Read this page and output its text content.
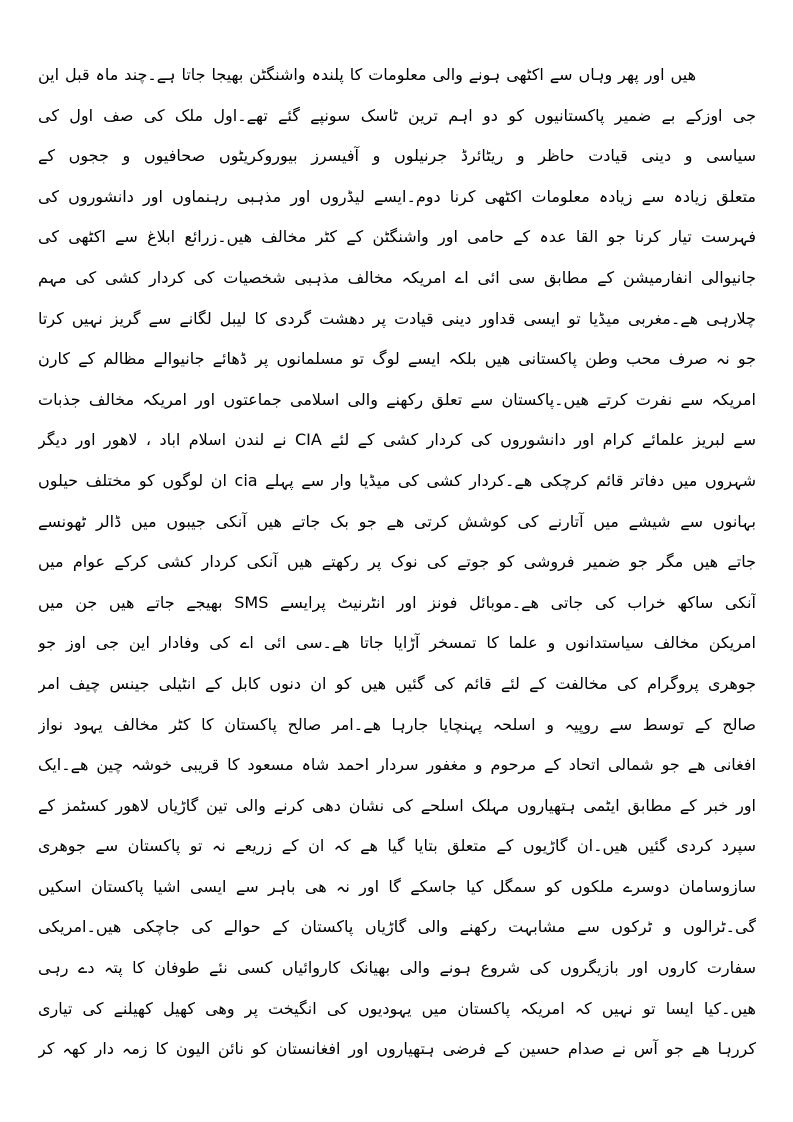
هیں اور پھر وہاں سے اکٹھی ہونے والی معلومات کا پلندہ واشنگٹن بھیجا جاتا ہے۔چند ماہ قبل این
جی اوزکے بے ضمیر پاکستانیوں کو دو اہم ترین ٹاسک سونپے گئے تھے۔اول ملک کی صف اول کی
سیاسی و دینی قیادت حاظر و ریٹائرڈ جرنیلوں و آفیسرز بیوروکریٹوں صحافیوں و ججوں کے
متعلق زیادہ سے زیادہ معلومات اکٹھی کرنا دوم۔ایسے لیڈروں اور مذہبی رہنماوں اور دانشوروں کی
فہرست تیار کرنا جو القا عدہ کے حامی اور واشنگٹن کے کٹر مخالف ھیں۔زرائع ابلاغ سے اکٹھی کی
جانیوالی انفارمیشن کے مطابق سی ائی اے امریکہ مخالف مذہبی شخصیات کی کردار کشی کی مہم
چلارہی ھے۔مغربی میڈیا تو ایسی قداور دینی قیادت پر دھشت گردی کا لیبل لگانے سے گریز نہیں کرتا
جو نہ صرف محب وطن پاکستانی ھیں بلکہ ایسے لوگ تو مسلمانوں پر ڈھائے جانیوالے مظالم کے کارن
امریکہ سے نفرت کرتے ھیں۔پاکستان سے تعلق رکھنے والی اسلامی جماعتوں اور امریکہ مخالف جذبات
سے لبریز علمائے کرام اور دانشوروں کی کردار کشی کے لئے CIA نے لندن اسلام اباد ، لاھور اور دیگر
شہروں میں دفاتر قائم کرچکی ھے۔کردار کشی کی میڈیا وار سے پہلے cia ان لوگوں کو مختلف حیلوں
بہانوں سے شیشے میں آتارنے کی کوشش کرتی ھے جو بک جاتے ھیں آنکی جیبوں میں ڈالر ٹھونسے
جاتے ھیں مگر جو ضمیر فروشی کو جوتے کی نوک پر رکھتے ھیں آنکی کردار کشی کرکے عوام میں
آنکی ساکھ خراب کی جاتی ھے۔موبائل فونز اور انٹرنیٹ پرایسے SMS بھیجے جاتے ھیں جن میں
امریکن مخالف سیاستدانوں و علما کا تمسخر آڑایا جاتا ھے۔سی ائی اے کی وفادار این جی اوز جو
جوھری پروگرام کی مخالفت کے لئے قائم کی گئیں ھیں کو ان دنوں کابل کے انٹیلی جینس چیف امر
صالح کے توسط سے روپیہ و اسلحہ پہنچایا جارہا ھے۔امر صالح پاکستان کا کٹر مخالف یہود نواز
افغانی ھے جو شمالی اتحاد کے مرحوم و مغفور سردار احمد شاہ مسعود کا قریبی خوشہ چین ھے۔ایک
اور خبر کے مطابق ایٹمی ہتھیاروں مہلک اسلحے کی نشان دھی کرنے والی تین گاڑیاں لاھور کسٹمز کے
سپرد کردی گئیں ھیں۔ان گاڑیوں کے متعلق بتایا گیا ھے کہ ان کے زریعے نہ تو پاکستان سے جوھری
سازوسامان دوسرے ملکوں کو سمگل کیا جاسکے گا اور نہ ھی باہر سے ایسی اشیا پاکستان اسکیں
گی۔ٹرالوں و ٹرکوں سے مشابہت رکھنے والی گاڑیاں پاکستان کے حوالے کی جاچکی ھیں۔امریکی
سفارت کاروں اور بازیگروں کی شروع ہونے والی بھیانک کاروائیاں کسی نئے طوفان کا پتہ دے رہی
ھیں۔کیا ایسا تو نہیں کہ امریکہ پاکستان میں یہودیوں کی انگیخت پر وھی کھیل کھیلنے کی تیاری
کررہا ھے جو آس نے صدام حسین کے فرضی ہتھیاروں اور افغانستان کو نائن الیون کا زمہ دار کھہ کر
